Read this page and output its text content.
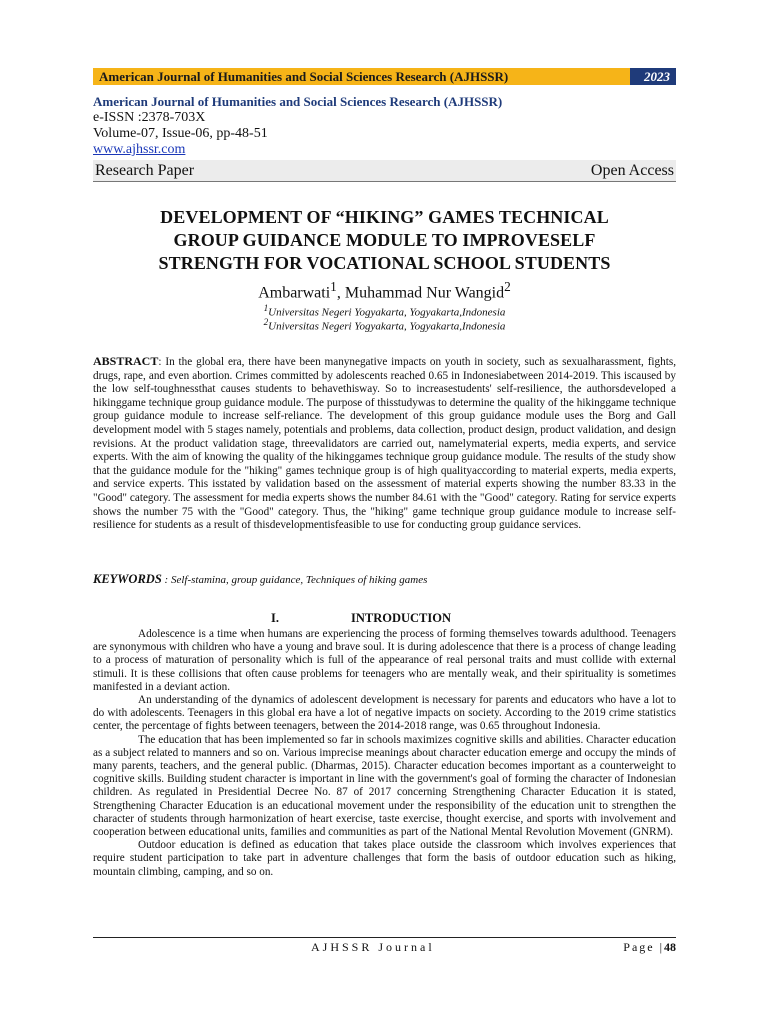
American Journal of Humanities and Social Sciences Research (AJHSSR)	2023
American Journal of Humanities and Social Sciences Research (AJHSSR)
e-ISSN :2378-703X
Volume-07, Issue-06, pp-48-51
www.ajhssr.com
Research Paper	Open Access
DEVELOPMENT OF “HIKING” GAMES TECHNICAL
GROUP GUIDANCE MODULE TO IMPROVESELF
STRENGTH FOR VOCATIONAL SCHOOL STUDENTS
Ambarwati$^1$, Muhammad Nur Wangid$^2$
$^1$Universitas Negeri Yogyakarta, Yogyakarta,Indonesia
$^2$Universitas Negeri Yogyakarta, Yogyakarta,Indonesia
ABSTRACT: In the global era, there have been manynegative impacts on youth in society, such as sexualharassment, fights, drugs, rape, and even abortion. Crimes committed by adolescents reached 0.65 in Indonesiabetween 2014-2019. This iscaused by the low self-toughnessthat causes students to behavethisway. So to increasestudents' self-resilience, the authorsdeveloped a hikinggame technique group guidance module. The purpose of thisstudywas to determine the quality of the hikinggame technique group guidance module to increase self-reliance. The development of this group guidance module uses the Borg and Gall development model with 5 stages namely, potentials and problems, data collection, product design, product validation, and design revisions. At the product validation stage, threevalidators are carried out, namelymaterial experts, media experts, and service experts. With the aim of knowing the quality of the hikinggames technique group guidance module. The results of the study show that the guidance module for the "hiking" games technique group is of high qualityaccording to material experts, media experts, and service experts. This isstated by validation based on the assessment of material experts showing the number 83.33 in the "Good" category. The assessment for media experts shows the number 84.61 with the "Good" category. Rating for service experts shows the number 75 with the "Good" category. Thus, the "hiking" game technique group guidance module to increase self-resilience for students as a result of thisdevelopmentisfeasible to use for conducting group guidance services.
KEYWORDS : Self-stamina, group guidance, Techniques of hiking games
I.	INTRODUCTION

Adolescence is a time when humans are experiencing the process of forming themselves towards adulthood. Teenagers are synonymous with children who have a young and brave soul. It is during adolescence that there is a process of change leading to a process of maturation of personality which is full of the appearance of real personal traits and must collide with external stimuli. It is these collisions that often cause problems for teenagers who are mentally weak, and their spirituality is sometimes manifested in a deviant action.

An understanding of the dynamics of adolescent development is necessary for parents and educators who have a lot to do with adolescents. Teenagers in this global era have a lot of negative impacts on society. According to the 2019 crime statistics center, the percentage of fights between teenagers, between the 2014-2018 range, was 0.65 throughout Indonesia.

The education that has been implemented so far in schools maximizes cognitive skills and abilities. Character education as a subject related to manners and so on. Various imprecise meanings about character education emerge and occupy the minds of many parents, teachers, and the general public. (Dharmas, 2015). Character education becomes important as a counterweight to cognitive skills. Building student character is important in line with the government's goal of forming the character of Indonesian children. As regulated in Presidential Decree No. 87 of 2017 concerning Strengthening Character Education it is stated, Strengthening Character Education is an educational movement under the responsibility of the education unit to strengthen the character of students through harmonization of heart exercise, taste exercise, thought exercise, and sports with involvement and cooperation between educational units, families and communities as part of the National Mental Revolution Movement (GNRM).

Outdoor education is defined as education that takes place outside the classroom which involves experiences that require student participation to take part in adventure challenges that form the basis of outdoor education such as hiking, mountain climbing, camping, and so on.

AJHSSR Journal	Page |48
